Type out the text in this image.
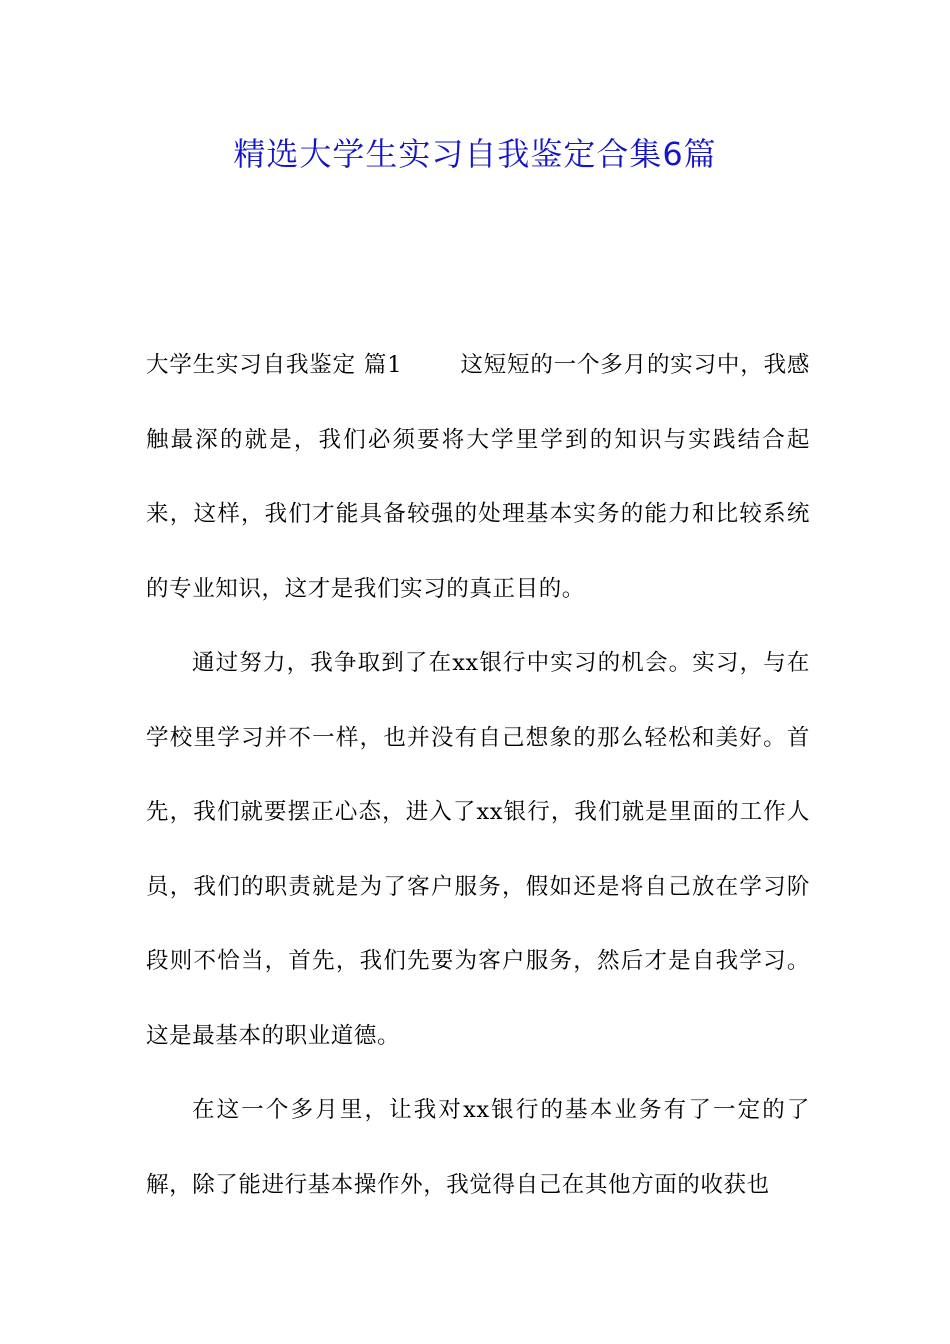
精选大学生实习自我鉴定合集6篇

大学生实习自我鉴定 篇1	这短短的一个多月的实习中，我感触最深的就是，我们必须要将大学里学到的知识与实践结合起来，这样，我们才能具备较强的处理基本实务的能力和比较系统的专业知识，这才是我们实习的真正目的。

通过努力，我争取到了在xx银行中实习的机会。实习，与在学校里学习并不一样，也并没有自己想象的那么轻松和美好。首先，我们就要摆正心态，进入了xx银行，我们就是里面的工作人员，我们的职责就是为了客户服务，假如还是将自己放在学习阶段则不恰当，首先，我们先要为客户服务，然后才是自我学习。这是最基本的职业道德。

在这一个多月里，让我对xx银行的基本业务有了一定的了解，除了能进行基本操作外，我觉得自己在其他方面的收获也
